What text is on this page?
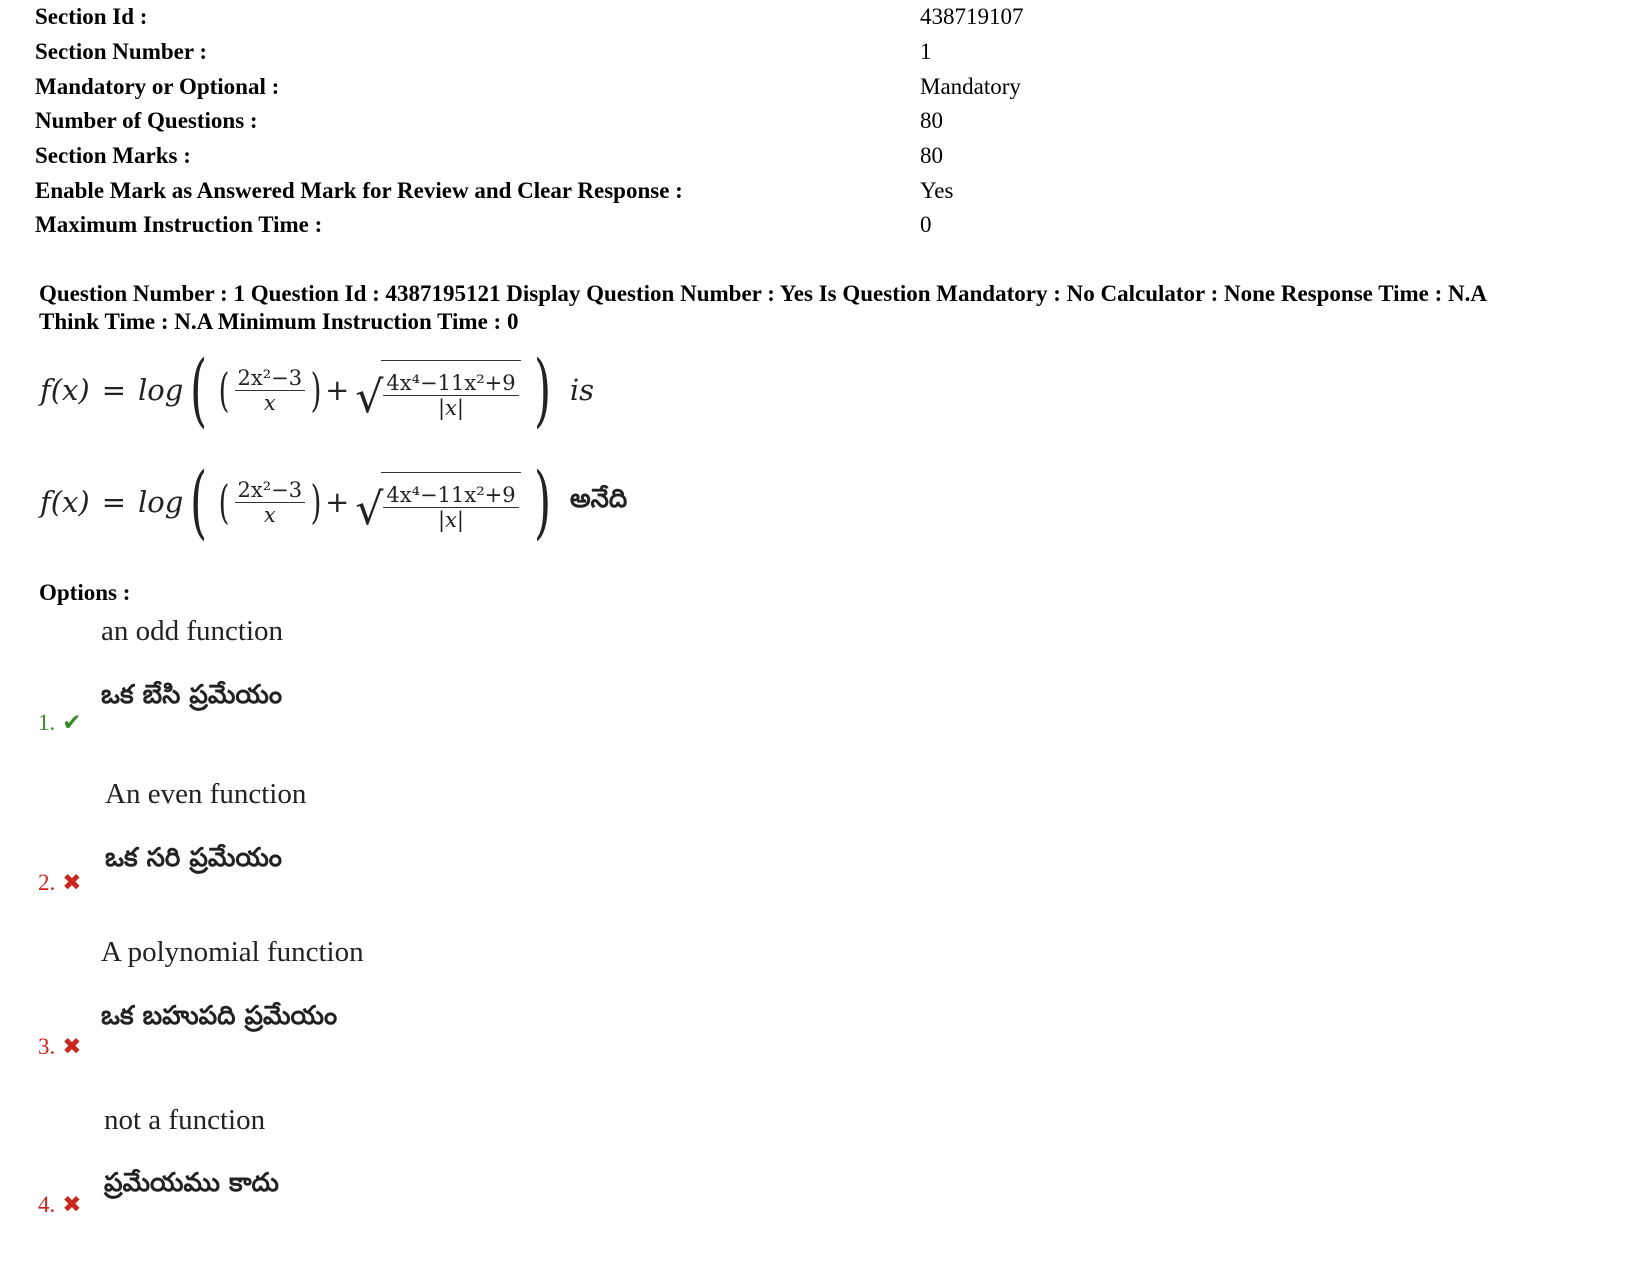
Section Id :	438719107
Section Number :	1
Mandatory or Optional :	Mandatory
Number of Questions :	80
Section Marks :	80
Enable Mark as Answered Mark for Review and Clear Response :	Yes
Maximum Instruction Time :	0
Question Number : 1 Question Id : 4387195121 Display Question Number : Yes Is Question Mandatory : No Calculator : None Response Time : N.A
Think Time : N.A Minimum Instruction Time : 0
f(x) = log ( ( $\frac{\text{2x²−3}}{x}$ ) + √ $\frac{\text{4x⁴−11x²+9}}{|x|}$ ) is
f(x) = log ( ( $\frac{\text{2x²−3}}{x}$ ) + √ $\frac{\text{4x⁴−11x²+9}}{|x|}$ ) అనేది
Options :
an odd function
ఒక బేసి ప్రమేయం
1. ✔
An even function
ఒక సరి ప్రమేయం
2. ✖
A polynomial function
ఒక బహుపది ప్రమేయం
3. ✖
not a function
ప్రమేయము కాదు
4. ✖
